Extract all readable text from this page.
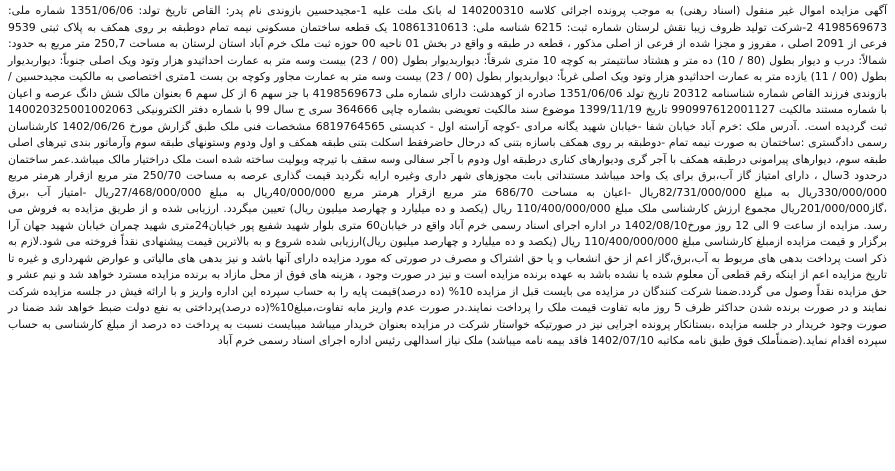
آگهی مزایده اموال غیر منقول (اسناد رهنی) به موجب پرونده اجرائی کلاسه 140200310 له بانک ملت علیه 1-مجیدحسین بازوندی نام پدر: القاص تاریخ تولد: 1351/06/06 شماره ملی: 4198569673 2-شرکت تولید ظروف زیبا نقش لرستان شماره ثبت: 6215 شناسه ملی: 10861310613 یک قطعه ساختمان مسکونی نیمه تمام دوطبقه بر روی همکف به پلاک ثبتی 9539 فرعی از 2091 اصلی ، مفروز و مجزا شده از فرعی از اصلی مذکور ، قطعه در طبقه و واقع در بخش 01 ناحیه 00 حوزه ثبت ملک خرم آباد استان لرستان به مساحت 250,7 متر مربع به حدود: شمالاً: درب و دیوار بطول (80 / 10) ده متر و هشتاد سانتیمتر به کوچه 10 متری شرقاً: دیواربدیوار بطول (00 / 23) بیست وسه متر به عمارت احداثیدو هزار وتود ویک اصلی جنوباً: دیواربدیوار بطول (00 / 11) یازده متر به عمارت احداثیدو هزار وتود ویک اصلی غرباً: دیواربدیوار بطول (00 / 23) بیست وسه متر به عمارت مجاور وکوچه بن بست 1متری اختصاصی به مالکیت مجیدحسین / بازوندی فرزند القاص شماره شناسنامه 20312 تاریخ تولد 1351/06/06 صادره از کوهدشت دارای شماره ملی 4198569673 با جز سهم 6 از کل سهم 6 بعنوان مالک شش دانگ عرصه و اعیان با شماره مستند مالکیت 990997612001127 تاریخ 1399/11/19 موضوع سند مالکیت تعویضی بشماره چاپی 364666 سری ج سال 99 با شماره دفتر الکترونیکی 140020325001002063 ثبت گردیده است. .آدرس ملک :خرم آباد خیابان شفا -خیابان شهید یگانه مرادی -کوچه آراسته اول - کدپستی 6819764565 مشخصات فنی ملک طبق گزارش مورخ 1402/06/26 کارشناسان رسمی دادگستری :ساختمان به صورت نیمه تمام -دوطبقه بر روی همکف باسازه بتنی که درحال حاضرفقط اسکلت بتنی طبقه همکف و اول ودوم وستونهای طبقه سوم وآرماتور بندی تیرهای اصلی طبقه سوم، دیوارهای پیرامونی درطبقه همکف با آجر گری ودیوارهای کناری درطبقه اول ودوم با آجر سفالی وسه سقف با تیرچه وبولیت ساخته شده است ملک دراختیار مالک میباشد.عمر ساختمان درحدود 3سال ، دارای امتیاز گاز آب،برق برای یک واحد میباشد مستنداتی بابت مجوزهای شهر داری وغیره ارایه نگردید قیمت گذاری عرصه به مساحت 250/70 متر مربع ازقرار هرمتر مربع 330/000/000ریال به مبلغ 82/731/000/000ریال -اعیان به مساحت 686/70 متر مربع ازقرار هرمتر مربع 40/000/000ریال به مبلغ 27/468/000/000ریال -امتیاز آب ،برق ،گاز201/000/000ریال مجموع ارزش کارشناسی ملک مبلغ 110/400/000/000 ریال (یکصد و ده میلیارد و چهارصد میلیون ریال) تعیین میگردد. ارزیابی شده و از طریق مزایده به فروش می رسد. مزایده از ساعت 9 الی 12 روز مورخ1402/08/10 در اداره اجرای اسناد رسمی خرم آباد واقع در خیابان60 متری بلوار شهید شفیع پور خیابان24متری شهید چمران خیابان شهید جهان آرا برگزار و قیمت مزایده ازمبلغ کارشناسی مبلغ 110/400/000/000 ریال (یکصد و ده میلیارد و چهارصد میلیون ریال)ارزیابی شده شروع و به بالاترین قیمت پیشنهادی نقداً فروخته می شود.لازم به ذکر است پرداخت بدهی های مربوط به آب،برق،گاز اعم از حق انشعاب و یا حق اشتراک و مصرف در صورتی که مورد مزایده دارای آنها باشد و نیز بدهی های مالیاتی و عوارض شهرداری و غیره تا تاریخ مزایده اعم از اینکه رقم قطعی آن معلوم شده یا نشده باشد به عهده برنده مزایده است و نیز در صورت وجود ، هزینه های فوق از محل مازاد به برنده مزایده مسترد خواهد شد و نیم عشر و حق مزایده نقداً وصول می گردد.ضمنا شرکت کنندگان در مزایده می بایست قبل از مزایده 10% (ده درصد)قیمت پایه را به حساب سپرده این اداره واریز و با ارائه فیش در جلسه مزایده شرکت نمایند و در صورت برنده شدن حداکثر ظرف 5 روز مابه تفاوت قیمت ملک را پرداخت نمایند.در صورت عدم واریز مابه تفاوت،مبلغ10%(ده درصد)پرداختی به نفع دولت ضبط خواهد شد ضمنا در صورت وجود خریدار در جلسه مزایده ،بستانکار پرونده اجرایی نیز در صورتیکه خواستار شرکت در مزایده بعنوان خریدار میباشد میبایست نسبت به پرداخت ده درصد از مبلغ کارشناسی به حساب سپرده اقدام نماید.(ضمناًملک فوق طبق نامه مکاتبه 1402/07/10 فاقد بیمه نامه میباشد) ملک نیاز اسدالهی رئیس اداره اجرای اسناد رسمی خرم آباد
